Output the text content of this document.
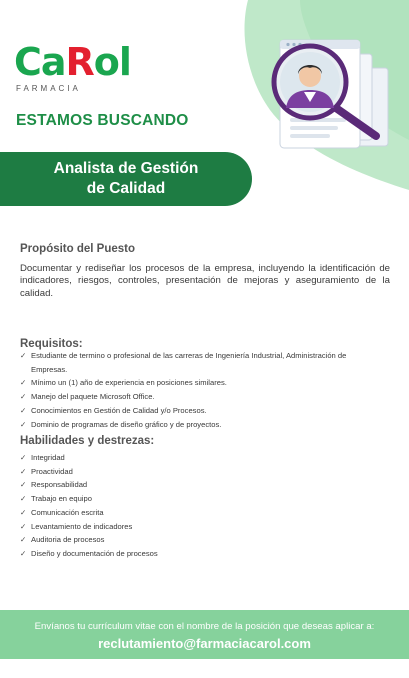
CaRol
FARMACIA
ESTAMOS BUSCANDO
Analista de Gestión
de Calidad
Propósito del Puesto
Documentar y rediseñar los procesos de la empresa, incluyendo la identificación de indicadores, riesgos, controles, presentación de mejoras y aseguramiento de la calidad.
Requisitos:
✓ Estudiante de termino o profesional de las carreras de Ingeniería Industrial, Administración de
Empresas.
✓ Mínimo un (1) año de experiencia en posiciones similares.
✓ Manejo del paquete Microsoft Office.
✓ Conocimientos en Gestión de Calidad y/o Procesos.
✓ Dominio de programas de diseño gráfico y de proyectos.
Habilidades y destrezas:
✓ Integridad
✓ Proactividad
✓ Responsabilidad
✓ Trabajo en equipo
✓ Comunicación escrita
✓ Levantamiento de indicadores
✓ Auditoria de procesos
✓ Diseño y documentación de procesos
Envíanos tu currículum vitae con el nombre de la posición que deseas aplicar a:
reclutamiento@farmaciacarol.com
